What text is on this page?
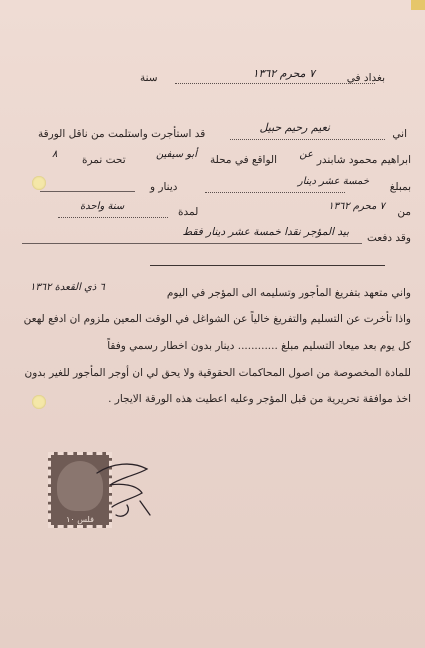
بغداد في
٧ محرم ١٣٦٢
سنة
اني
نعيم رحيم حبيل
قد استأجرت واستلمت من ناقل الورقة
ابراهيم محمود شابندر
عن
الواقع في محلة
أبو سيفين
تحت نمرة
٨
بمبلغ
خمسة عشر دينار
دينار و
من
٧ محرم ١٣٦٢
لمدة
سنة واحدة
وقد دفعت
بيد المؤجر نقدا خمسة عشر دينار فقط
واني متعهد بتفريغ المأجور وتسليمه الى المؤجر في اليوم
٦ ذي القعدة ١٣٦٢
واذا تأخرت عن التسليم والتفريغ خالياً عن الشواغل في الوقت المعين ملزوم ان ادفع لهعن
كل يوم بعد ميعاد التسليم مبلغ ............ دينار بدون اخطار رسمي وفقاً
للمادة المخصوصة من اصول المحاكمات الحقوقية ولا يحق لي ان أوجر المأجور للغير بدون
اخذ موافقة تحريرية من قبل المؤجر وعليه اعطيت هذه الورقة الايجار .
فلس ١٠
